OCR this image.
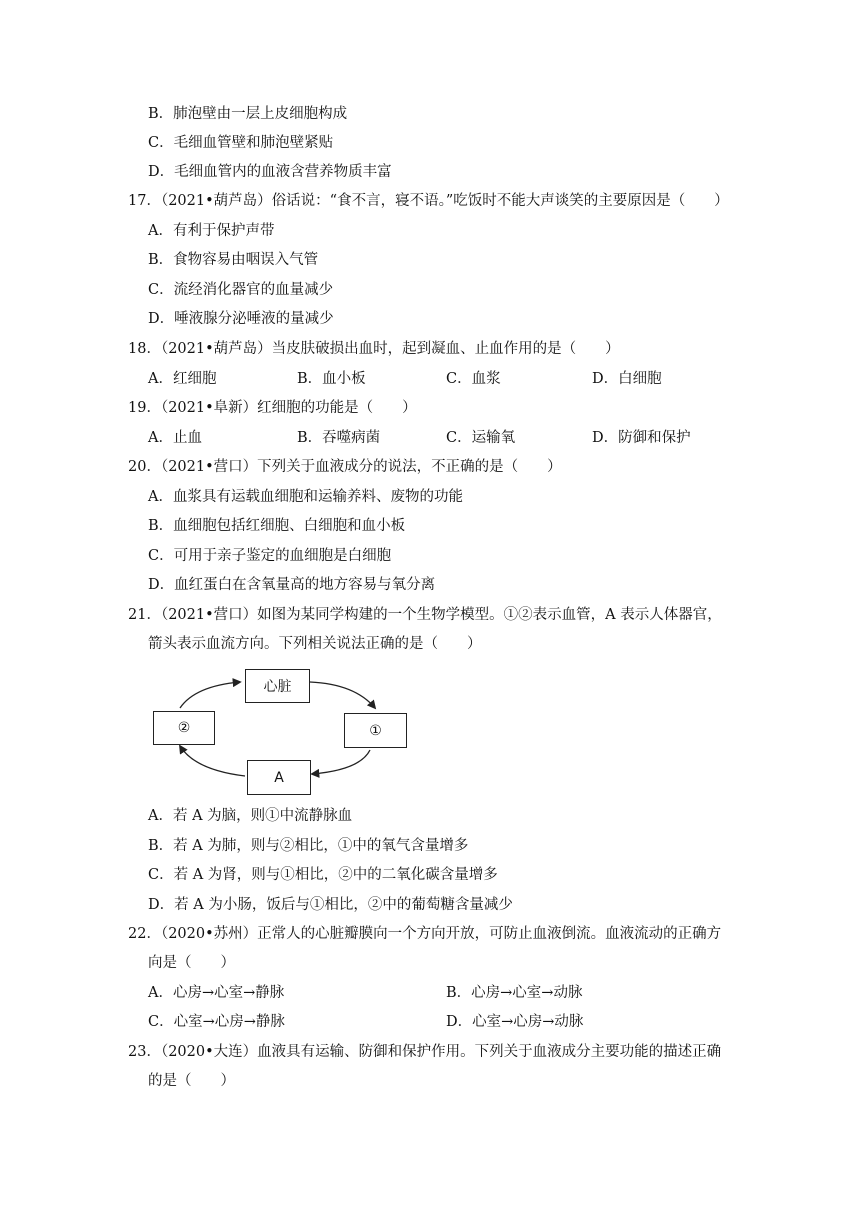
B．肺泡壁由一层上皮细胞构成
C．毛细血管壁和肺泡壁紧贴
D．毛细血管内的血液含营养物质丰富
17．（2021•葫芦岛）俗话说：“食不言，寝不语。”吃饭时不能大声谈笑的主要原因是（　　）
A．有利于保护声带
B．食物容易由咽误入气管
C．流经消化器官的血量减少
D．唾液腺分泌唾液的量减少
18．（2021•葫芦岛）当皮肤破损出血时，起到凝血、止血作用的是（　　）
A．红细胞	B．血小板	C．血浆	D．白细胞
19．（2021•阜新）红细胞的功能是（　　）
A．止血	B．吞噬病菌	C．运输氧	D．防御和保护
20．（2021•营口）下列关于血液成分的说法，不正确的是（　　）
A．血浆具有运载血细胞和运输养料、废物的功能
B．血细胞包括红细胞、白细胞和血小板
C．可用于亲子鉴定的血细胞是白细胞
D．血红蛋白在含氧量高的地方容易与氧分离
21．（2021•营口）如图为某同学构建的一个生物学模型。①②表示血管，A 表示人体器官，
箭头表示血流方向。下列相关说法正确的是（　　）
心脏
②	①
A
A．若 A 为脑，则①中流静脉血
B．若 A 为肺，则与②相比，①中的氧气含量增多
C．若 A 为肾，则与①相比，②中的二氧化碳含量增多
D．若 A 为小肠，饭后与①相比，②中的葡萄糖含量减少
22．（2020•苏州）正常人的心脏瓣膜向一个方向开放，可防止血液倒流。血液流动的正确方
向是（　　）
A．心房→心室→静脉	B．心房→心室→动脉
C．心室→心房→静脉	D．心室→心房→动脉
23．（2020•大连）血液具有运输、防御和保护作用。下列关于血液成分主要功能的描述正确
的是（　　）
